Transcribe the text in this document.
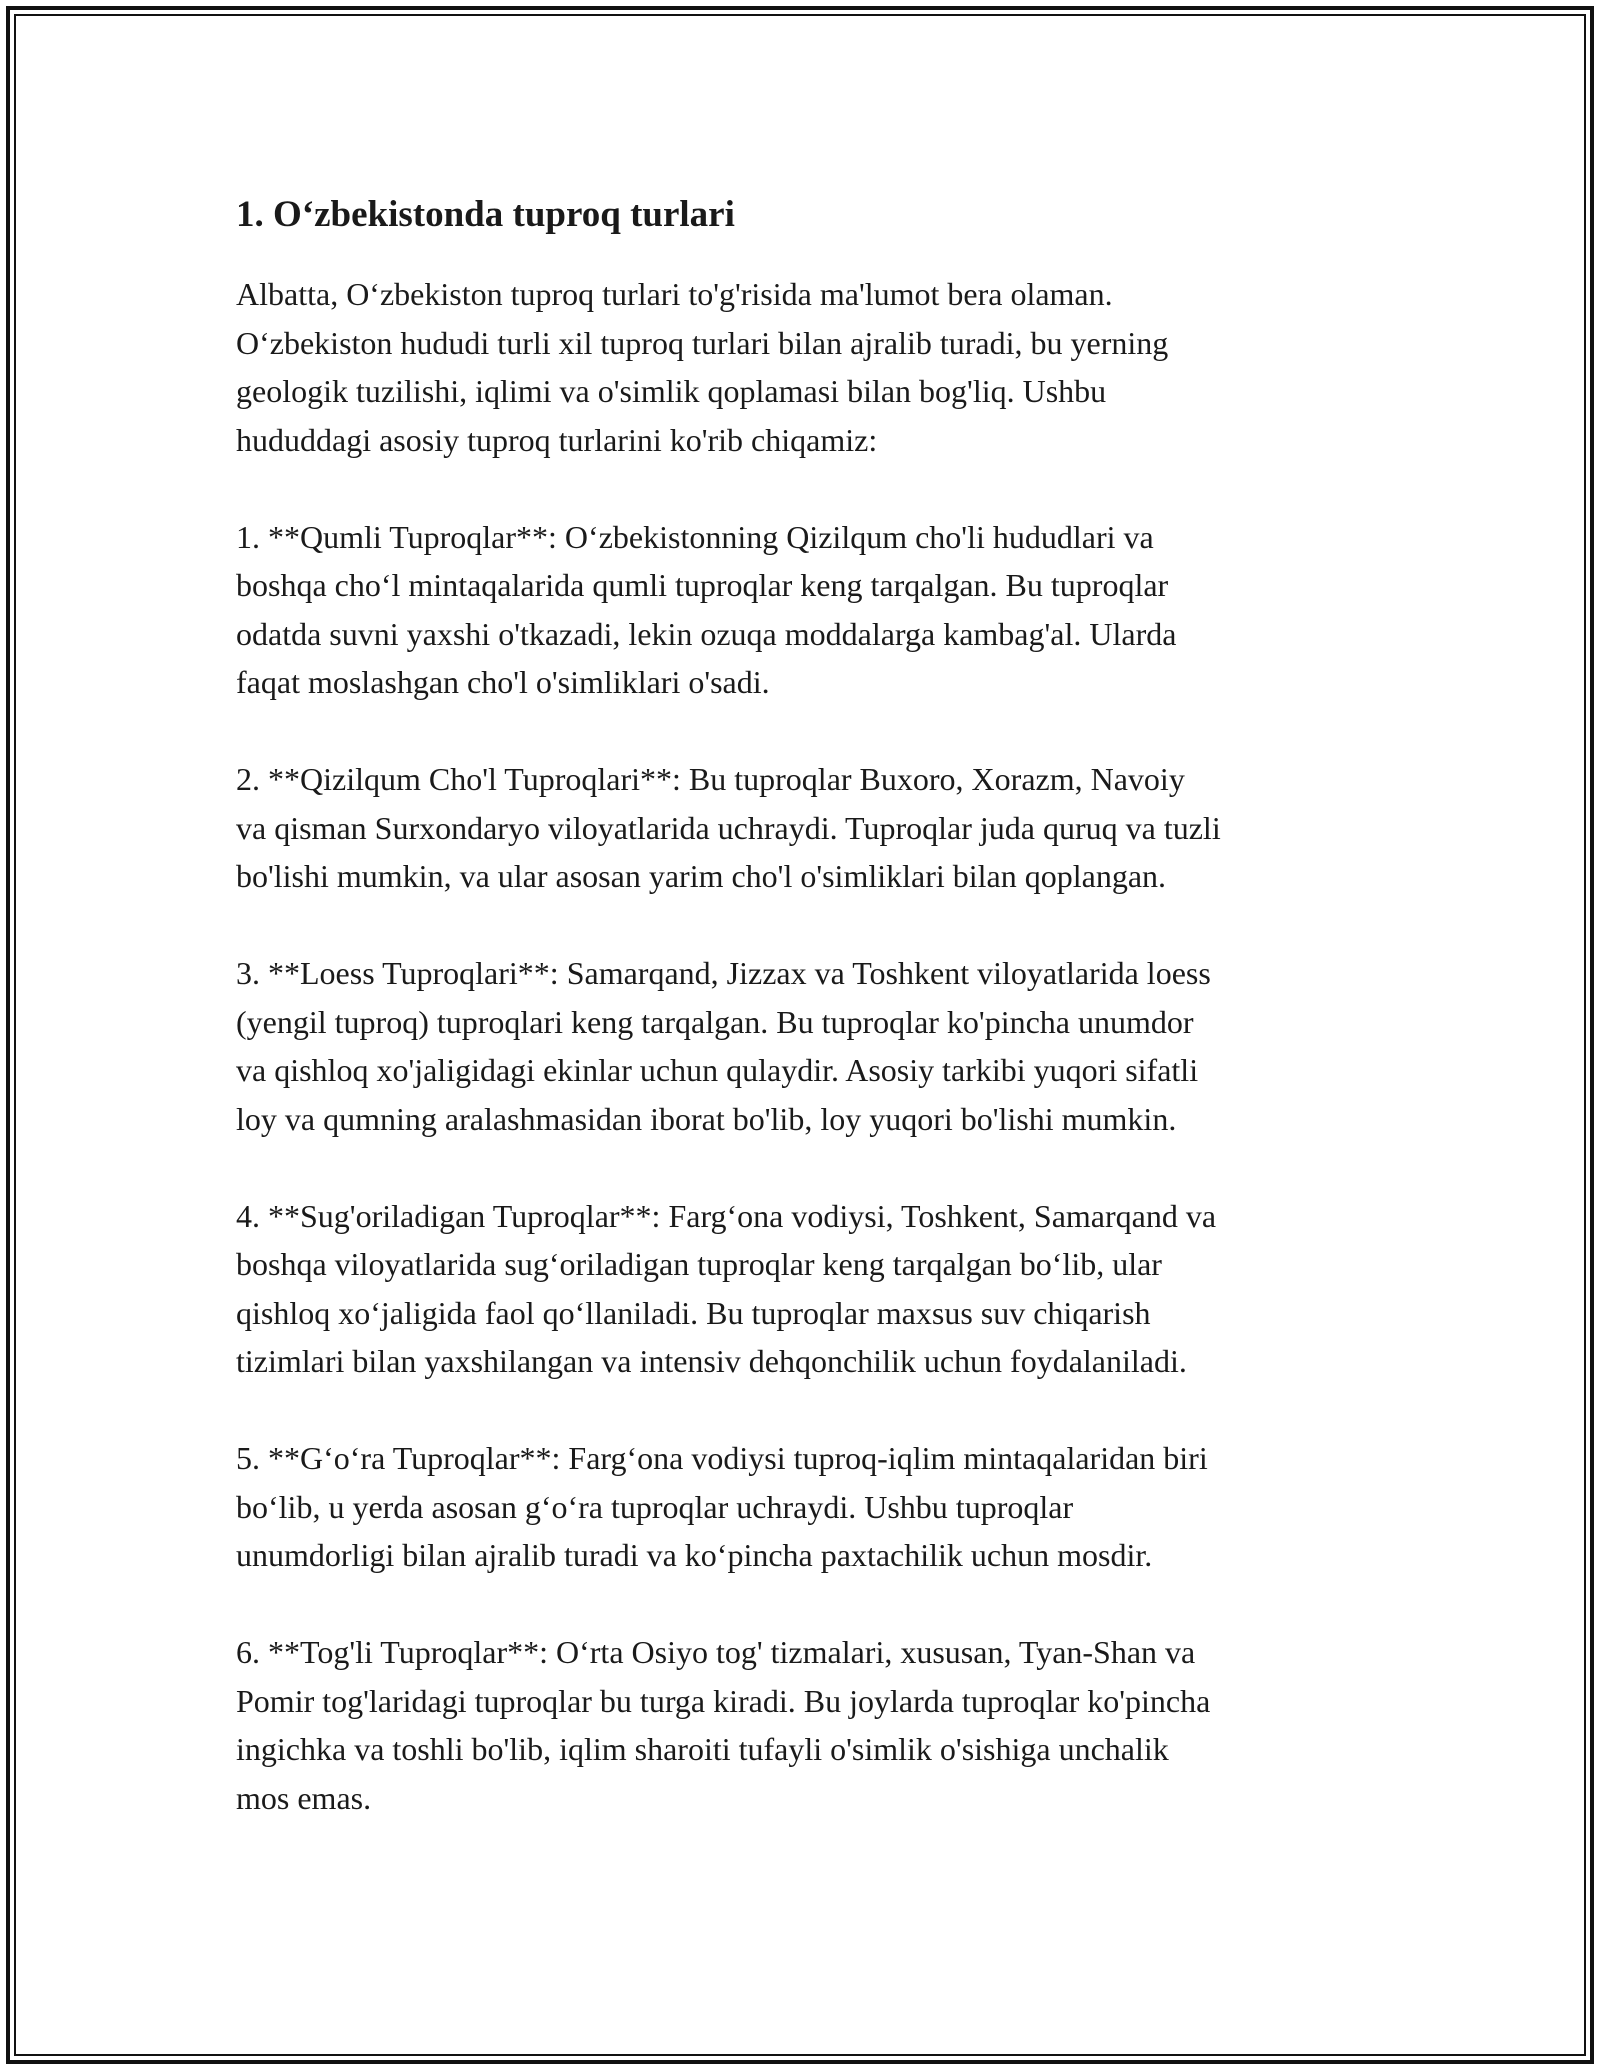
1. O‘zbekistonda tuproq turlari
Albatta, O‘zbekiston tuproq turlari to'g'risida ma'lumot bera olaman.
O‘zbekiston hududi turli xil tuproq turlari bilan ajralib turadi, bu yerning
geologik tuzilishi, iqlimi va o'simlik qoplamasi bilan bog'liq. Ushbu
hududdagi asosiy tuproq turlarini ko'rib chiqamiz:
1. **Qumli Tuproqlar**: O‘zbekistonning Qizilqum cho'li hududlari va
boshqa cho‘l mintaqalarida qumli tuproqlar keng tarqalgan. Bu tuproqlar
odatda suvni yaxshi o'tkazadi, lekin ozuqa moddalarga kambag'al. Ularda
faqat moslashgan cho'l o'simliklari o'sadi.
2. **Qizilqum Cho'l Tuproqlari**: Bu tuproqlar Buxoro, Xorazm, Navoiy
va qisman Surxondaryo viloyatlarida uchraydi. Tuproqlar juda quruq va tuzli
bo'lishi mumkin, va ular asosan yarim cho'l o'simliklari bilan qoplangan.
3. **Loess Tuproqlari**: Samarqand, Jizzax va Toshkent viloyatlarida loess
(yengil tuproq) tuproqlari keng tarqalgan. Bu tuproqlar ko'pincha unumdor
va qishloq xo'jaligidagi ekinlar uchun qulaydir. Asosiy tarkibi yuqori sifatli
loy va qumning aralashmasidan iborat bo'lib, loy yuqori bo'lishi mumkin.
4. **Sug'oriladigan Tuproqlar**: Farg‘ona vodiysi, Toshkent, Samarqand va
boshqa viloyatlarida sug‘oriladigan tuproqlar keng tarqalgan bo‘lib, ular
qishloq xo‘jaligida faol qo‘llaniladi. Bu tuproqlar maxsus suv chiqarish
tizimlari bilan yaxshilangan va intensiv dehqonchilik uchun foydalaniladi.
5. **G‘o‘ra Tuproqlar**: Farg‘ona vodiysi tuproq-iqlim mintaqalaridan biri
bo‘lib, u yerda asosan g‘o‘ra tuproqlar uchraydi. Ushbu tuproqlar
unumdorligi bilan ajralib turadi va ko‘pincha paxtachilik uchun mosdir.
6. **Tog'li Tuproqlar**: O‘rta Osiyo tog' tizmalari, xususan, Tyan-Shan va
Pomir tog'laridagi tuproqlar bu turga kiradi. Bu joylarda tuproqlar ko'pincha
ingichka va toshli bo'lib, iqlim sharoiti tufayli o'simlik o'sishiga unchalik
mos emas.
